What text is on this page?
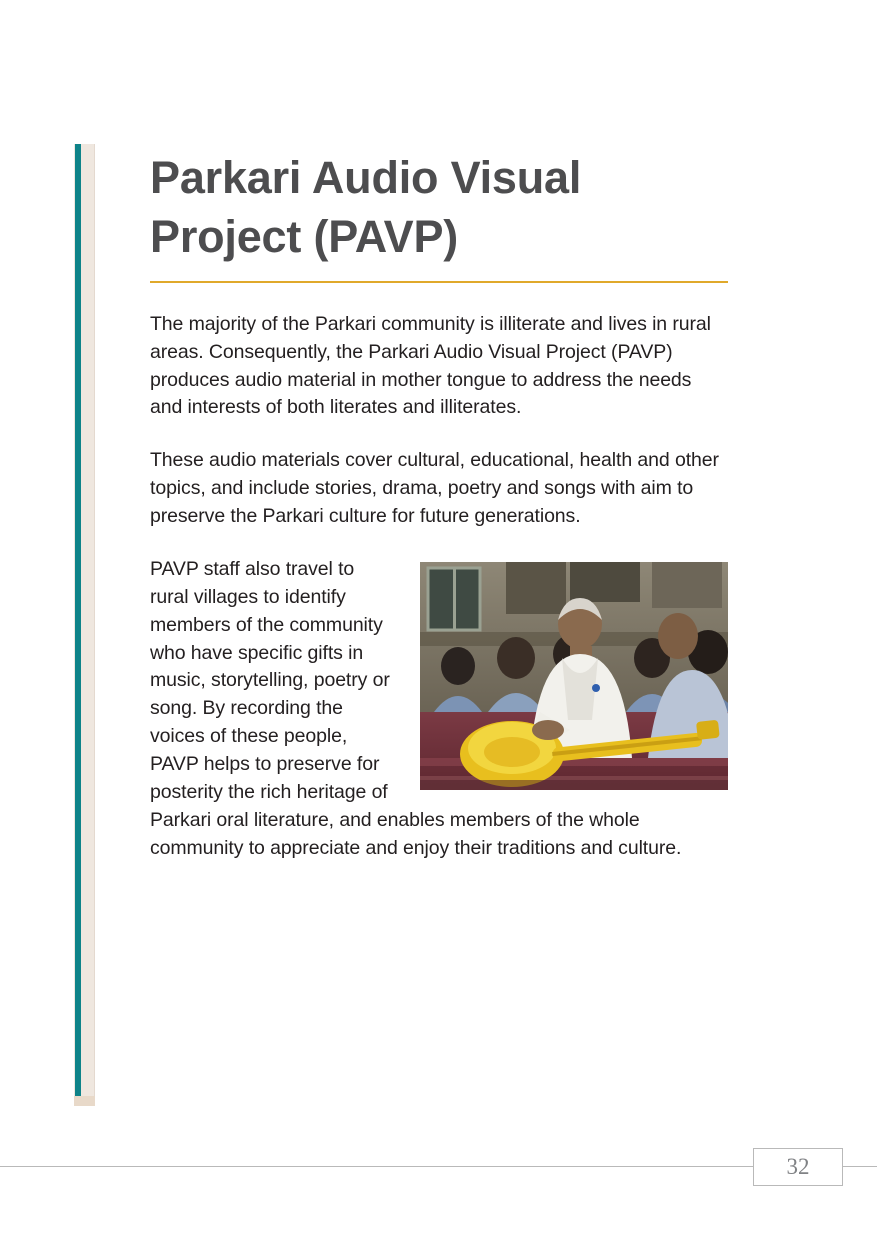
Parkari Audio Visual Project (PAVP)

The majority of the Parkari community is illiterate and lives in rural areas. Consequently, the Parkari Audio Visual Project (PAVP) produces audio material in mother tongue to address the needs and interests of both literates and illiterates.

These audio materials cover cultural, educational, health and other topics, and include stories, drama, poetry and songs with aim to preserve the Parkari culture for future generations.

PAVP staff also travel to rural villages to identify members of the community who have specific gifts in music, storytelling, poetry or song. By recording the voices of these people, PAVP helps to preserve for posterity the rich heritage of Parkari oral literature, and enables members of the whole community to appreciate and enjoy their traditions and culture.
32
